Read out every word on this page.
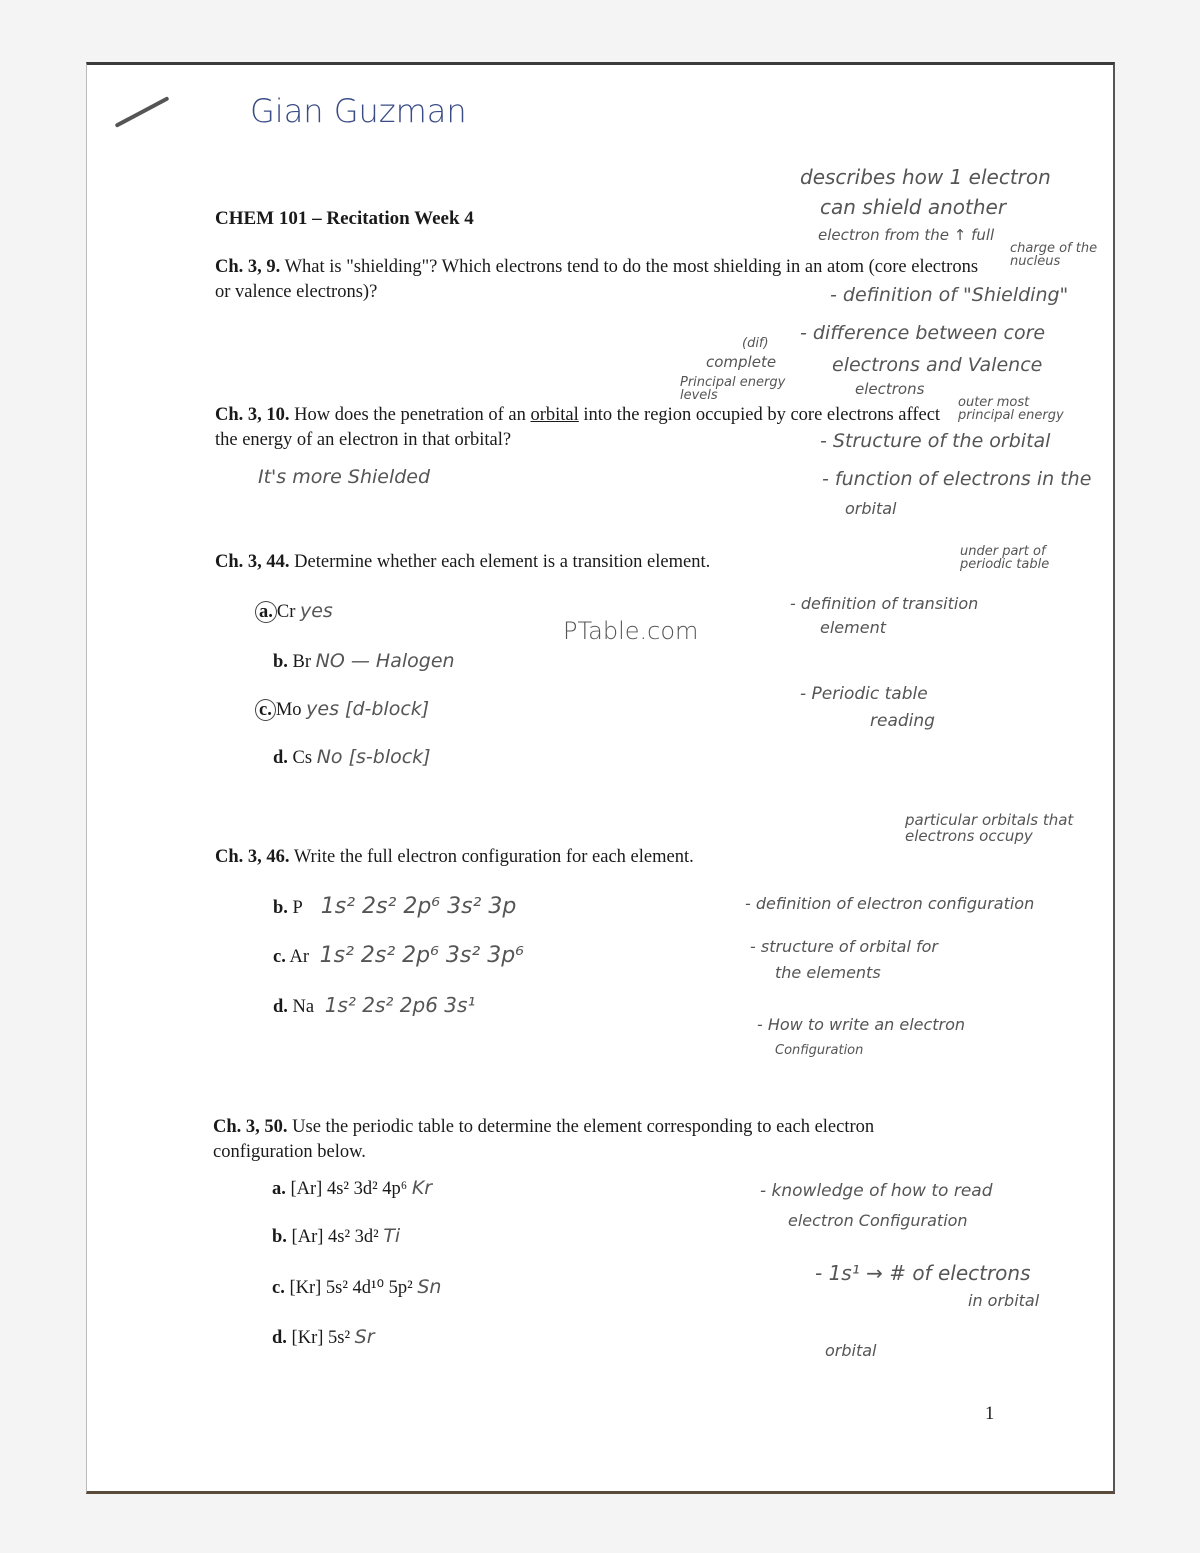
Gian Guzman
CHEM 101 – Recitation Week 4
Ch. 3, 9. What is "shielding"? Which electrons tend to do the most shielding in an atom (core electrons or valence electrons)?
Ch. 3, 10. How does the penetration of an orbital into the region occupied by core electrons affect the energy of an electron in that orbital?
It's more Shielded
Ch. 3, 44. Determine whether each element is a transition element.
a. Cr yes
b. Br NO — Halogen
c. Mo yes [d-block]
d. Cs No [s-block]
PTable.com
Ch. 3, 46. Write the full electron configuration for each element.
b. P 1s² 2s² 2p⁶ 3s² 3p
c. Ar 1s² 2s² 2p⁶ 3s² 3p⁶
d. Na 1s² 2s² 2p6 3s¹
Ch. 3, 50. Use the periodic table to determine the element corresponding to each electron configuration below.
a. [Ar] 4s² 3d² 4p⁶ Kr
b. [Ar] 4s² 3d² Ti
c. [Kr] 5s² 4d¹⁰ 5p² Sn
d. [Kr] 5s² Sr
1
describes how 1 electron
can shield another
electron from the ↑ full
charge of the nucleus
- definition of "Shielding"
- difference between core
electrons and Valence
electrons
(dif)
complete
Principal energy levels	outer most principal energy
- Structure of the orbital
- function of electrons in the
orbital
under part of periodic table
- definition of transition
element
- Periodic table
reading
particular orbitals that electrons occupy
- definition of electron configuration
- structure of orbital for
the elements
- How to write an electron
Configuration
- knowledge of how to read
electron Configuration
- 1s¹ → # of electrons
in orbital
orbital
